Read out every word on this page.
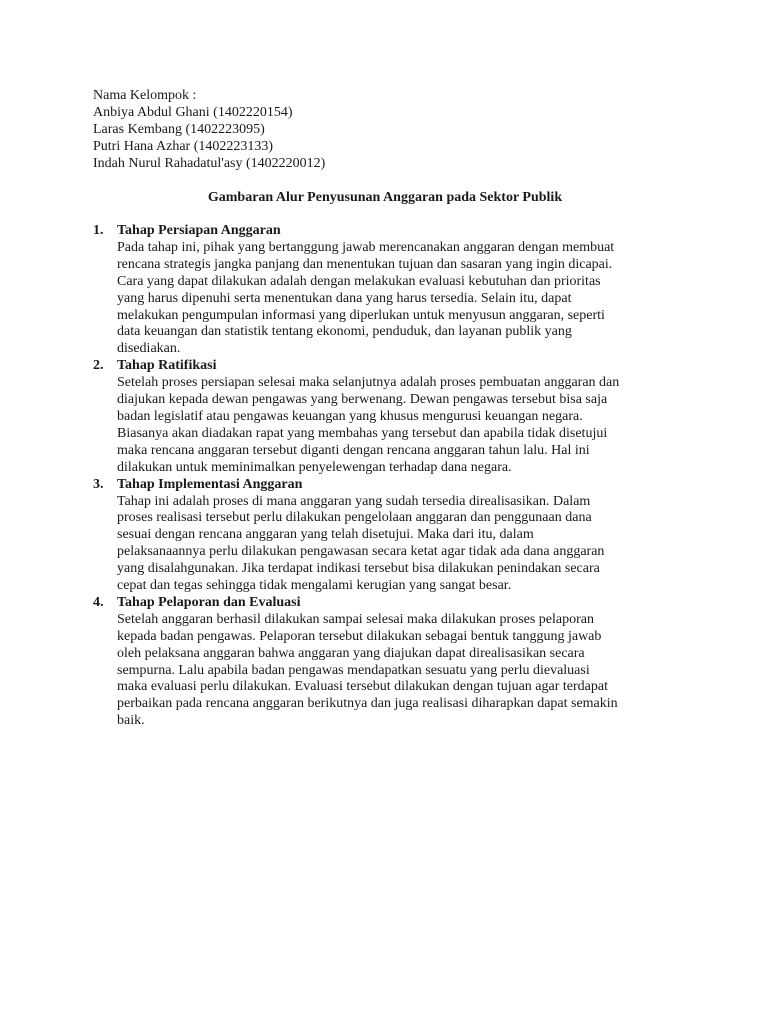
Nama Kelompok :
Anbiya Abdul Ghani (1402220154)
Laras Kembang (1402223095)
Putri Hana Azhar (1402223133)
Indah Nurul Rahadatul'asy (1402220012)
Gambaran Alur Penyusunan Anggaran pada Sektor Publik
1. Tahap Persiapan Anggaran
Pada tahap ini, pihak yang bertanggung jawab merencanakan anggaran dengan membuat
rencana strategis jangka panjang dan menentukan tujuan dan sasaran yang ingin dicapai.
Cara yang dapat dilakukan adalah dengan melakukan evaluasi kebutuhan dan prioritas
yang harus dipenuhi serta menentukan dana yang harus tersedia. Selain itu, dapat
melakukan pengumpulan informasi yang diperlukan untuk menyusun anggaran, seperti
data keuangan dan statistik tentang ekonomi, penduduk, dan layanan publik yang
disediakan.
2. Tahap Ratifikasi
Setelah proses persiapan selesai maka selanjutnya adalah proses pembuatan anggaran dan
diajukan kepada dewan pengawas yang berwenang. Dewan pengawas tersebut bisa saja
badan legislatif atau pengawas keuangan yang khusus mengurusi keuangan negara.
Biasanya akan diadakan rapat yang membahas yang tersebut dan apabila tidak disetujui
maka rencana anggaran tersebut diganti dengan rencana anggaran tahun lalu. Hal ini
dilakukan untuk meminimalkan penyelewengan terhadap dana negara.
3. Tahap Implementasi Anggaran
Tahap ini adalah proses di mana anggaran yang sudah tersedia direalisasikan. Dalam
proses realisasi tersebut perlu dilakukan pengelolaan anggaran dan penggunaan dana
sesuai dengan rencana anggaran yang telah disetujui. Maka dari itu, dalam
pelaksanaannya perlu dilakukan pengawasan secara ketat agar tidak ada dana anggaran
yang disalahgunakan. Jika terdapat indikasi tersebut bisa dilakukan penindakan secara
cepat dan tegas sehingga tidak mengalami kerugian yang sangat besar.
4. Tahap Pelaporan dan Evaluasi
Setelah anggaran berhasil dilakukan sampai selesai maka dilakukan proses pelaporan
kepada badan pengawas. Pelaporan tersebut dilakukan sebagai bentuk tanggung jawab
oleh pelaksana anggaran bahwa anggaran yang diajukan dapat direalisasikan secara
sempurna. Lalu apabila badan pengawas mendapatkan sesuatu yang perlu dievaluasi
maka evaluasi perlu dilakukan. Evaluasi tersebut dilakukan dengan tujuan agar terdapat
perbaikan pada rencana anggaran berikutnya dan juga realisasi diharapkan dapat semakin
baik.
